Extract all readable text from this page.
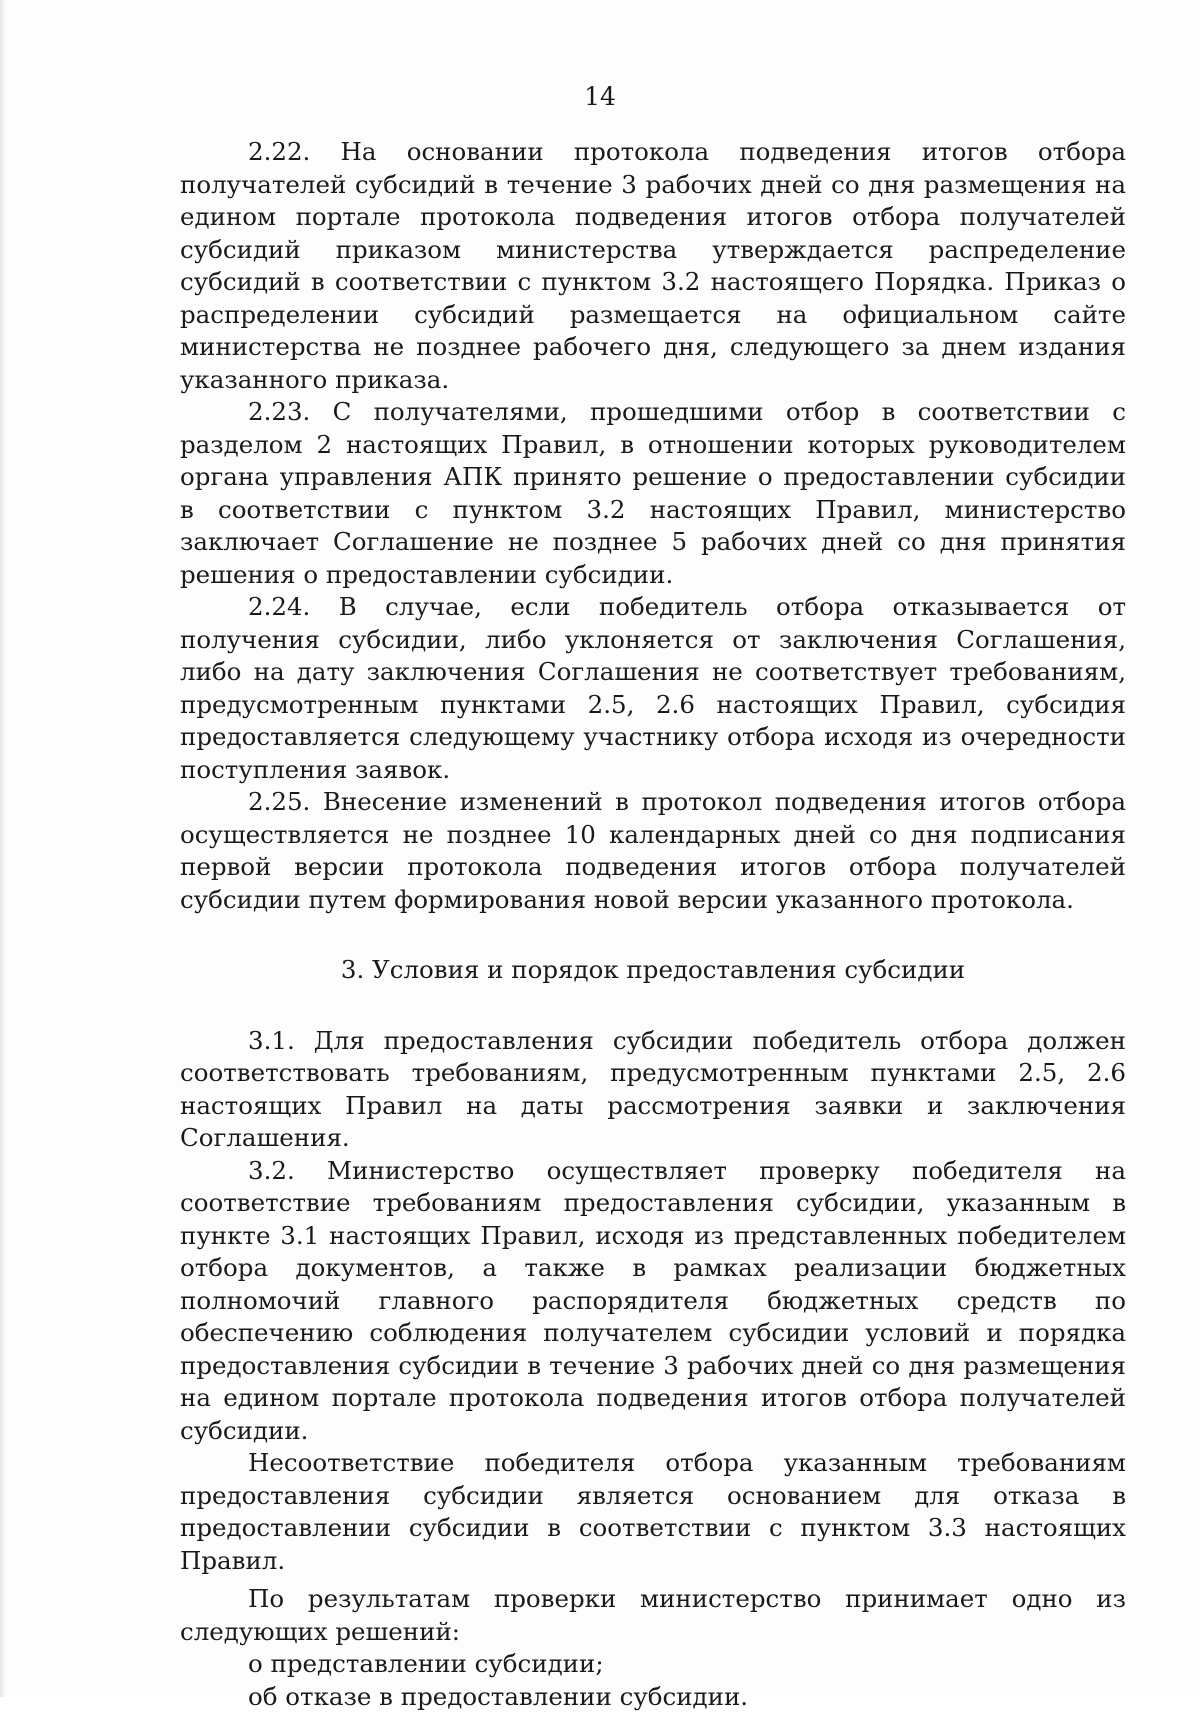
14

2.22. На основании протокола подведения итогов отбора получателей субсидий в течение 3 рабочих дней со дня размещения на едином портале протокола подведения итогов отбора получателей субсидий приказом министерства утверждается распределение субсидий в соответствии с пунктом 3.2 настоящего Порядка. Приказ о распределении субсидий размещается на официальном сайте министерства не позднее рабочего дня, следующего за днем издания указанного приказа.

2.23. С получателями, прошедшими отбор в соответствии с разделом 2 настоящих Правил, в отношении которых руководителем органа управления АПК принято решение о предоставлении субсидии в соответствии с пунктом 3.2 настоящих Правил, министерство заключает Соглашение не позднее 5 рабочих дней со дня принятия решения о предоставлении субсидии.

2.24. В случае, если победитель отбора отказывается от получения субсидии, либо уклоняется от заключения Соглашения, либо на дату заключения Соглашения не соответствует требованиям, предусмотренным пунктами 2.5, 2.6 настоящих Правил, субсидия предоставляется следующему участнику отбора исходя из очередности поступления заявок.

2.25. Внесение изменений в протокол подведения итогов отбора осуществляется не позднее 10 календарных дней со дня подписания первой версии протокола подведения итогов отбора получателей субсидии путем формирования новой версии указанного протокола.

3. Условия и порядок предоставления субсидии

3.1. Для предоставления субсидии победитель отбора должен соответствовать требованиям, предусмотренным пунктами 2.5, 2.6 настоящих Правил на даты рассмотрения заявки и заключения Соглашения.

3.2. Министерство осуществляет проверку победителя на соответствие требованиям предоставления субсидии, указанным в пункте 3.1 настоящих Правил, исходя из представленных победителем отбора документов, а также в рамках реализации бюджетных полномочий главного распорядителя бюджетных средств по обеспечению соблюдения получателем субсидии условий и порядка предоставления субсидии в течение 3 рабочих дней со дня размещения на едином портале протокола подведения итогов отбора получателей субсидии.

Несоответствие победителя отбора указанным требованиям предоставления субсидии является основанием для отказа в предоставлении субсидии в соответствии с пунктом 3.3 настоящих Правил.

По результатам проверки министерство принимает одно из следующих решений:

о представлении субсидии;

об отказе в предоставлении субсидии.
